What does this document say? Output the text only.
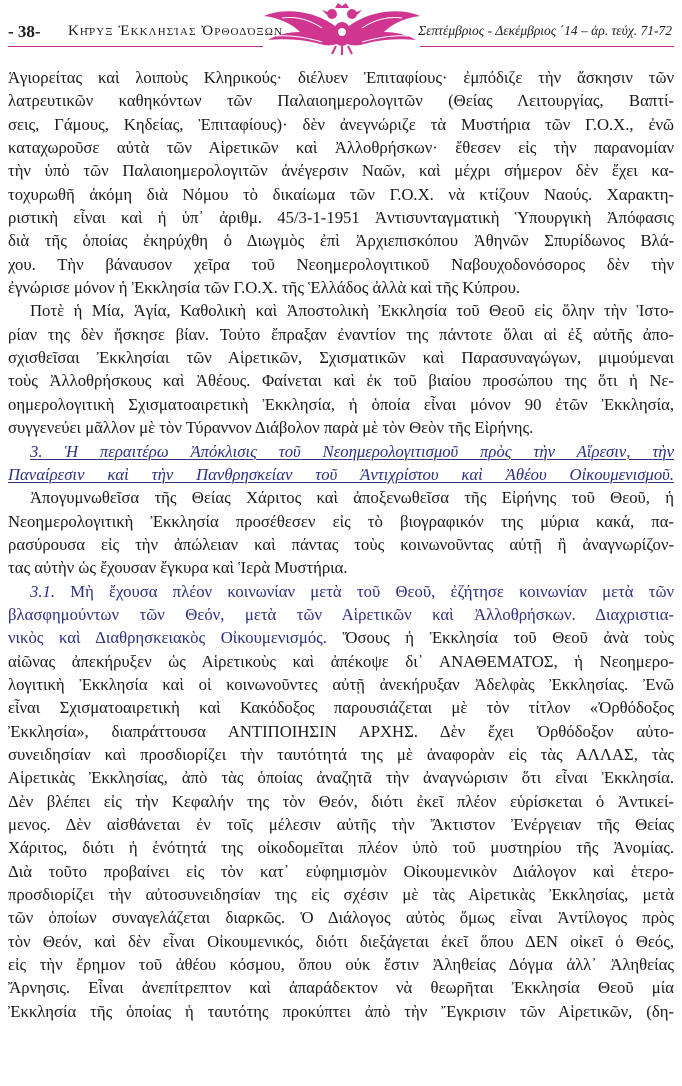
- 38- Κῆρυξ Ἐκκλησίας Ὀρθοδόξων	Σεπτέμβριος - Δεκέμβριος ΄14 – ἀρ. τεύχ. 71-72
Ἁγιορείτας καὶ λοιποὺς Κληρικούς· διέλυεν Ἐπιταφίους· ἐμπόδιζε τὴν ἄσκησιν τῶν
λατρευτικῶν καθηκόντων τῶν Παλαιοημερολογιτῶν (Θείας Λειτουργίας, Βαπτί-
σεις, Γάμους, Κηδείας, Ἐπιταφίους)· δὲν ἀνεγνώριζε τὰ Μυστήρια τῶν Γ.Ο.Χ., ἐνῶ
καταχωροῦσε αὐτὰ τῶν Αἱρετικῶν καὶ Ἀλλοθρήσκων· ἔθεσεν εἰς τὴν παρανομίαν
τὴν ὑπὸ τῶν Παλαιοημερολογιτῶν ἀνέγερσιν Ναῶν, καὶ μέχρι σήμερον δὲν ἔχει κα-
τοχυρωθῆ ἀκόμη διὰ Νόμου τὸ δικαίωμα τῶν Γ.Ο.Χ. νὰ κτίζουν Ναούς. Χαρακτη-
ριστικὴ εἶναι καὶ ἡ ὑπ᾽ ἀριθμ. 45/3-1-1951 Ἀντισυνταγματικὴ Ὑπουργικὴ Ἀπόφασις
διὰ τῆς ὁποίας ἐκηρύχθη ὁ Διωγμὸς ἐπὶ Ἀρχιεπισκόπου Ἀθηνῶν Σπυρίδωνος Βλά-
χου. Τὴν βάναυσον χεῖρα τοῦ Νεοημερολογιτικοῦ Ναβουχοδονόσορος δὲν τὴν
ἐγνώρισε μόνον ἡ Ἐκκλησία τῶν Γ.Ο.Χ. τῆς Ἑλλάδος ἀλλὰ καὶ τῆς Κύπρου.
Ποτὲ ἡ Μία, Ἁγία, Καθολικὴ καὶ Ἀποστολικὴ Ἐκκλησία τοῦ Θεοῦ εἰς ὅλην τὴν Ἱστο-
ρίαν της δὲν ἤσκησε βίαν. Τοὐτο ἔπραξαν ἐναντίον της πάντοτε ὅλαι αἱ ἐξ αὐτῆς ἀπο-
σχισθεῖσαι Ἐκκλησίαι τῶν Αἱρετικῶν, Σχισματικῶν καὶ Παρασυναγώγων, μιμούμεναι
τοὺς Ἀλλοθρήσκους καὶ Ἀθέους. Φαίνεται καὶ ἐκ τοῦ βιαίου προσώπου της ὅτι ἡ Νε-
οημερολογιτικὴ Σχισματοαιρετικὴ Ἐκκλησία, ἡ ὁποία εἶναι μόνον 90 ἐτῶν Ἐκκλησία,
συγγενεύει μᾶλλον μὲ τὸν Τύραννον Διάβολον παρὰ μὲ τὸν Θεὸν τῆς Εἰρήνης.
3. Ἡ περαιτέρω Ἀπόκλισις τοῦ Νεοημερολογιτισμοῦ πρὸς τὴν Αἵρεσιν, τὴν
Παναίρεσιν καὶ τὴν Πανθρησκείαν τοῦ Ἀντιχρίστου καὶ Ἀθέου Οἰκουμενισμοῦ.
Ἀπογυμνωθεῖσα τῆς Θείας Χάριτος καὶ ἀποξενωθεῖσα τῆς Εἰρήνης τοῦ Θεοῦ, ἡ
Νεοημερολογιτικὴ Ἐκκλησία προσέθεσεν εἰς τὸ βιογραφικόν της μύρια κακά, πα-
ρασύρουσα εἰς τὴν ἀπώλειαν καὶ πάντας τοὺς κοινωνοῦντας αὐτῇ ἢ ἀναγνωρίζον-
τας αὐτὴν ὡς ἔχουσαν ἔγκυρα καὶ Ἱερὰ Μυστήρια.
3.1. Μὴ ἔχουσα πλέον κοινωνίαν μετὰ τοῦ Θεοῦ, ἐζήτησε κοινωνίαν μετὰ τῶν
βλασφημούντων τῶν Θεόν, μετὰ τῶν Αἱρετικῶν καὶ Ἀλλοθρήσκων. Διαχριστια-
νικὸς καὶ Διαθρησκειακὸς Οἰκουμενισμός. Ὅσους ἡ Ἐκκλησία τοῦ Θεοῦ ἀνὰ τοὺς
αἰῶνας ἀπεκήρυξεν ὡς Αἱρετικοὺς καὶ ἀπέκοψε δι᾽ ΑΝΑΘΕΜΑΤΟΣ, ἡ Νεοημερο-
λογιτικὴ Ἐκκλησία καὶ οἱ κοινωνοῦντες αὐτῇ ἀνεκήρυξαν Ἀδελφὰς Ἐκκλησίας. Ἐνῶ
εἶναι Σχισματοαιρετικὴ καὶ Κακόδοξος παρουσιάζεται μὲ τὸν τίτλον «Ὀρθόδοξος
Ἐκκλησία», διαπράττουσα ΑΝΤΙΠΟΙΗΣΙΝ ΑΡΧΗΣ. Δὲν ἔχει Ὀρθόδοξον αὐτο-
συνειδησίαν καὶ προσδιορίζει τὴν ταυτότητά της μὲ ἀναφορὰν εἰς τὰς ΑΛΛΑΣ, τὰς
Αἱρετικὰς Ἐκκλησίας, ἀπὸ τὰς ὁποίας ἀναζητᾶ τὴν ἀναγνώρισιν ὅτι εἶναι Ἐκκλησία.
Δὲν βλέπει εἰς τὴν Κεφαλήν της τὸν Θεόν, διότι ἐκεῖ πλέον εὑρίσκεται ὁ Ἀντικεί-
μενος. Δὲν αἰσθάνεται ἐν τοῖς μέλεσιν αὐτῆς τὴν Ἄκτιστον Ἐνέργειαν τῆς Θείας
Χάριτος, διότι ἡ ἑνότητά της οἰκοδομεῖται πλέον ὑπὸ τοῦ μυστηρίου τῆς Ἀνομίας.
Διὰ τοῦτο προβαίνει εἰς τὸν κατ᾽ εὐφημισμὸν Οἰκουμενικὸν Διάλογον καὶ ἑτερο-
προσδιορίζει τὴν αὐτοσυνειδησίαν της εἰς σχέσιν μὲ τὰς Αἱρετικὰς Ἐκκλησίας, μετὰ
τῶν ὁποίων συναγελάζεται διαρκῶς. Ὁ Διάλογος αὐτὸς ὅμως εἶναι Ἀντίλογος πρὸς
τὸν Θεόν, καὶ δὲν εἶναι Οἰκουμενικός, διότι διεξάγεται ἐκεῖ ὅπου ΔΕΝ οἰκεῖ ὁ Θεός,
εἰς τὴν ἔρημον τοῦ ἀθέου κόσμου, ὅπου οὐκ ἔστιν Ἀληθείας Δόγμα ἀλλ᾽ Ἀληθείας
Ἄρνησις. Εἶναι ἀνεπίτρεπτον καὶ ἀπαράδεκτον νὰ θεωρῆται Ἐκκλησία Θεοῦ μία
Ἐκκλησία τῆς ὁποίας ἡ ταυτότης προκύπτει ἀπὸ τὴν Ἔγκρισιν τῶν Αἱρετικῶν, (δη-
